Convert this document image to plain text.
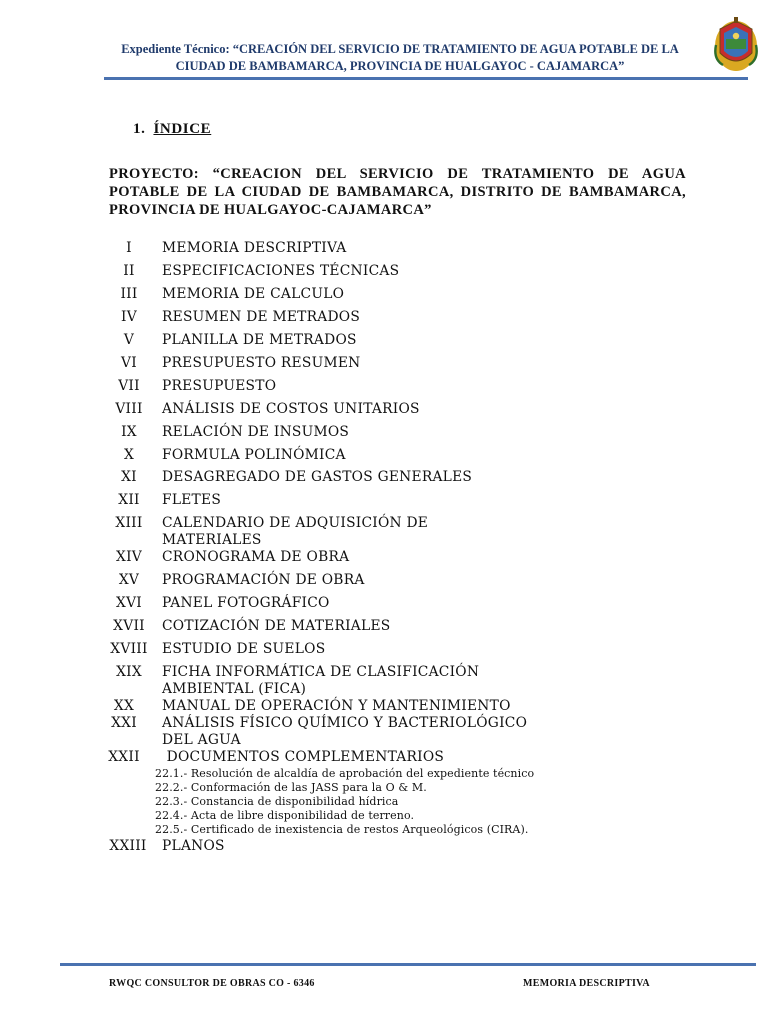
Expediente Técnico: “CREACIÓN DEL SERVICIO DE TRATAMIENTO DE AGUA POTABLE DE LA
CIUDAD DE BAMBAMARCA, PROVINCIA DE HUALGAYOC - CAJAMARCA”
1. ÍNDICE
PROYECTO: “CREACION DEL SERVICIO DE TRATAMIENTO DE AGUA POTABLE DE LA CIUDAD DE BAMBAMARCA, DISTRITO DE BAMBAMARCA, PROVINCIA DE HUALGAYOC-CAJAMARCA”
I	MEMORIA DESCRIPTIVA
II	ESPECIFICACIONES TÉCNICAS
III	MEMORIA DE CALCULO
IV	RESUMEN DE METRADOS
V	PLANILLA DE METRADOS
VI	PRESUPUESTO RESUMEN
VII	PRESUPUESTO
VIII	ANÁLISIS DE COSTOS UNITARIOS
IX	RELACIÓN DE INSUMOS
X	FORMULA POLINÓMICA
XI	DESAGREGADO DE GASTOS GENERALES
XII	FLETES
XIII	CALENDARIO DE ADQUISICIÓN DE MATERIALES
XIV	CRONOGRAMA DE OBRA
XV	PROGRAMACIÓN DE OBRA
XVI	PANEL FOTOGRÁFICO
XVII	COTIZACIÓN DE MATERIALES
XVIII ESTUDIO DE SUELOS
XIX	FICHA INFORMÁTICA DE CLASIFICACIÓN AMBIENTAL (FICA)
XX	MANUAL DE OPERACIÓN Y MANTENIMIENTO
XXI ANÁLISIS FÍSICO QUÍMICO Y BACTERIOLÓGICO DEL AGUA
XXII DOCUMENTOS COMPLEMENTARIOS
22.1.- Resolución de alcaldía de aprobación del expediente técnico
22.2.- Conformación de las JASS para la O & M.
22.3.- Constancia de disponibilidad hídrica
22.4.- Acta de libre disponibilidad de terreno.
22.5.- Certificado de inexistencia de restos Arqueológicos (CIRA).
XXIII PLANOS
RWQC CONSULTOR DE OBRAS CO - 6346	MEMORIA DESCRIPTIVA
